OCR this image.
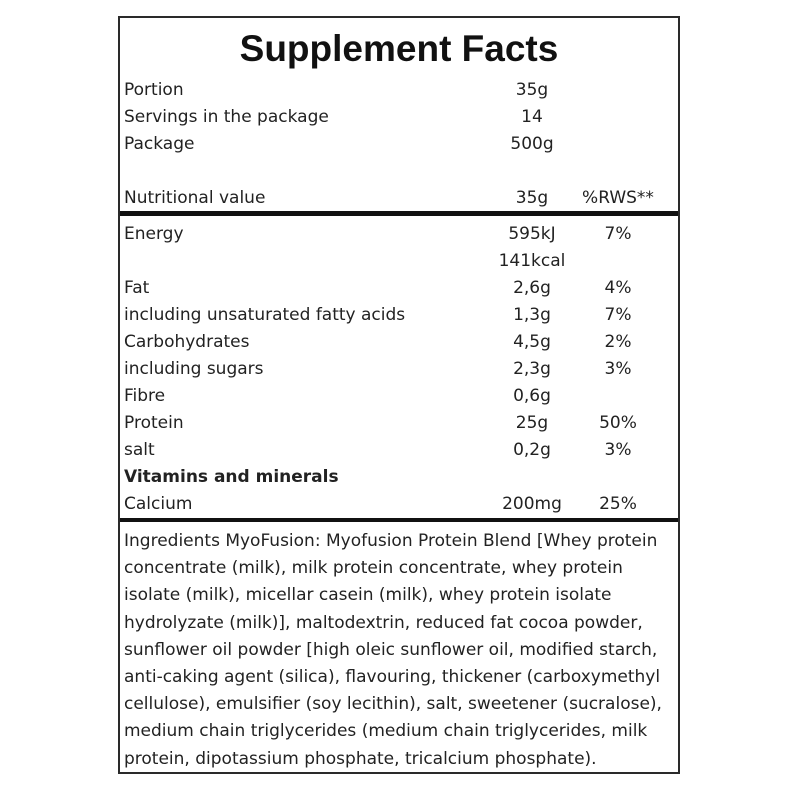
Supplement Facts
Portion	35g
Servings in the package	14
Package	500g
Nutritional value	35g	%RWS**
Energy	595kJ	7%
141kcal
Fat	2,6g	4%
including unsaturated fatty acids	1,3g	7%
Carbohydrates	4,5g	2%
including sugars	2,3g	3%
Fibre	0,6g
Protein	25g	50%
salt	0,2g	3%
Vitamins and minerals
Calcium	200mg	25%
Ingredients MyoFusion: Myofusion Protein Blend [Whey protein concentrate (milk), milk protein concentrate, whey protein isolate (milk), micellar casein (milk), whey protein isolate hydrolyzate (milk)], maltodextrin, reduced fat cocoa powder, sunflower oil powder [high oleic sunflower oil, modified starch, anti-caking agent (silica), flavouring, thickener (carboxymethyl cellulose), emulsifier (soy lecithin), salt, sweetener (sucralose), medium chain triglycerides (medium chain triglycerides, milk protein, dipotassium phosphate, tricalcium phosphate).
